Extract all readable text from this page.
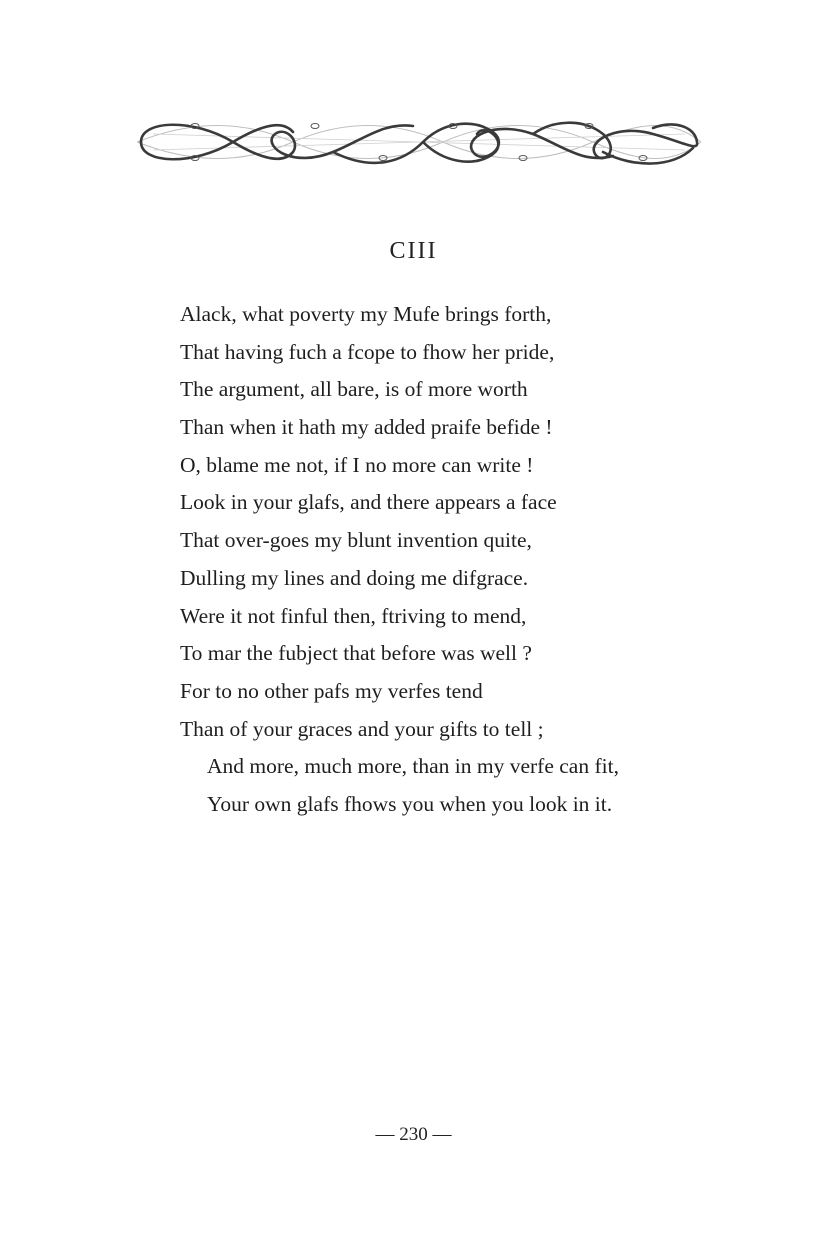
CIII
Alack, what poverty my Mufe brings forth,
That having fuch a fcope to fhow her pride,
The argument, all bare, is of more worth
Than when it hath my added praife befide !
O, blame me not, if I no more can write !
Look in your glafs, and there appears a face
That over-goes my blunt invention quite,
Dulling my lines and doing me difgrace.
Were it not finful then, ftriving to mend,
To mar the fubject that before was well ?
For to no other pafs my verfes tend
Than of your graces and your gifts to tell ;
And more, much more, than in my verfe can fit,
Your own glafs fhows you when you look in it.
— 230 —
